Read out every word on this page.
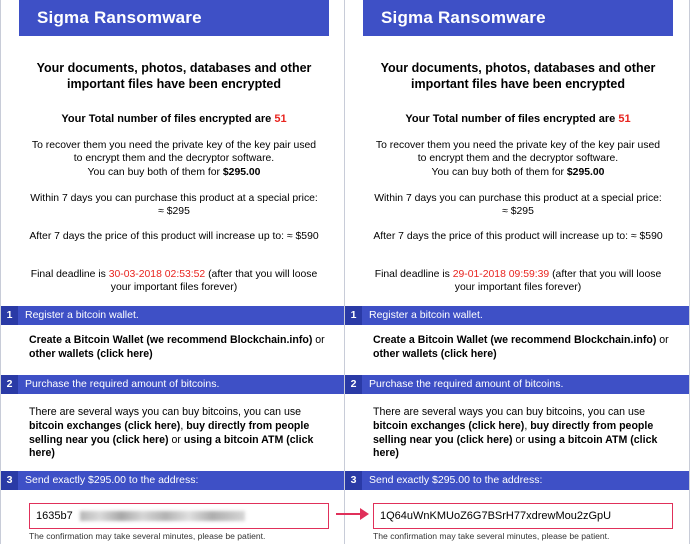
Sigma Ransomware
Your documents, photos, databases and other
important files have been encrypted
Your Total number of files encrypted are 51
To recover them you need the private key of the key pair used to encrypt them and the decryptor software.
You can buy both of them for $295.00
Within 7 days you can purchase this product at a special price: ≈ $295
After 7 days the price of this product will increase up to: ≈ $590
Final deadline is 30-03-2018 02:53:52 (after that you will loose your important files forever)
1	Register a bitcoin wallet.
Create a Bitcoin Wallet (we recommend Blockchain.info) or other wallets (click here)
2	Purchase the required amount of bitcoins.
There are several ways you can buy bitcoins, you can use bitcoin exchanges (click here), buy directly from people selling near you (click here) or using a bitcoin ATM (click here)
3	Send exactly $295.00 to the address:
1635b7
The confirmation may take several minutes, please be patient.
Sigma Ransomware
Your documents, photos, databases and other
important files have been encrypted
Your Total number of files encrypted are 51
To recover them you need the private key of the key pair used to encrypt them and the decryptor software.
You can buy both of them for $295.00
Within 7 days you can purchase this product at a special price: ≈ $295
After 7 days the price of this product will increase up to: ≈ $590
Final deadline is 29-01-2018 09:59:39 (after that you will loose your important files forever)
1	Register a bitcoin wallet.
Create a Bitcoin Wallet (we recommend Blockchain.info) or other wallets (click here)
2	Purchase the required amount of bitcoins.
There are several ways you can buy bitcoins, you can use bitcoin exchanges (click here), buy directly from people selling near you (click here) or using a bitcoin ATM (click here)
3	Send exactly $295.00 to the address:
1Q64uWnKMUoZ6G7BSrH77xdrewMou2zGpU
The confirmation may take several minutes, please be patient.
